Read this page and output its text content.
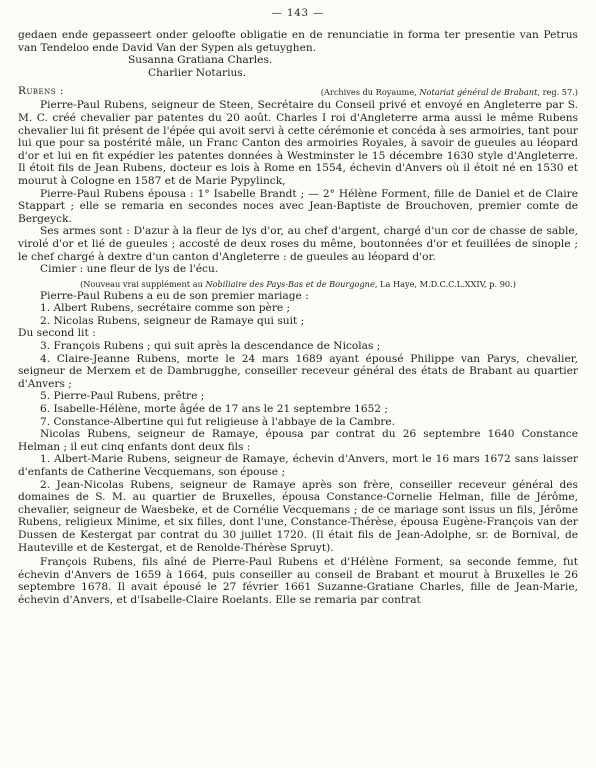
— 143 —

gedaen ende gepasseert onder geloofte obligatie en de renunciatie in forma ter presentie van Petrus van Tendeloo ende David Van der Sypen als getuyghen.

Susanna Gratiana Charles.

Charlier Notarius.

Rubens :	(Archives du Royaume, Notariat général de Brabant, reg. 57.)

Pierre-Paul Rubens, seigneur de Steen, Secrétaire du Conseil privé et envoyé en Angleterre par S. M. C. créé chevalier par patentes du 20 août. Charles I roi d'Angleterre arma aussi le même Rubens chevalier lui fit présent de l'épée qui avoit servi à cette cérémonie et concéda à ses armoiries, tant pour lui que pour sa postérité mâle, un Franc Canton des armoiries Royales, à savoir de gueules au léopard d'or et lui en fit expédier les patentes données à Westminster le 15 décembre 1630 style d'Angleterre. Il étoit fils de Jean Rubens, docteur es lois à Rome en 1554, échevin d'Anvers où il étoit né en 1530 et mourut à Cologne en 1587 et de Marie Pypylinck,

Pierre-Paul Rubens épousa : 1° Isabelle Brandt ; — 2° Hélène Forment, fille de Daniel et de Claire Stappart ; elle se remaria en secondes noces avec Jean-Baptiste de Brouchoven, premier comte de Bergeyck.

Ses armes sont : D'azur à la fleur de lys d'or, au chef d'argent, chargé d'un cor de chasse de sable, virolé d'or et lié de gueules ; accosté de deux roses du même, boutonnées d'or et feuillées de sinople ; le chef chargé à dextre d'un canton d'Angleterre : de gueules au léopard d'or.

Cimier : une fleur de lys de l'écu.

(Nouveau vrai supplément au Nobiliaire des Pays-Bas et de Bourgogne, La Haye, M.D.C.C.L.XXIV, p. 90.)

Pierre-Paul Rubens a eu de son premier mariage :

1. Albert Rubens, secrétaire comme son père ;

2. Nicolas Rubens, seigneur de Ramaye qui suit ;

Du second lit :

3. François Rubens ; qui suit après la descendance de Nicolas ;

4. Claire-Jeanne Rubens, morte le 24 mars 1689 ayant épousé Philippe van Parys, chevalier, seigneur de Merxem et de Dambrugghe, conseiller receveur général des états de Brabant au quartier d'Anvers ;

5. Pierre-Paul Rubens, prêtre ;

6. Isabelle-Hélène, morte âgée de 17 ans le 21 septembre 1652 ;

7. Constance-Albertine qui fut religieuse à l'abbaye de la Cambre.

Nicolas Rubens, seigneur de Ramaye, épousa par contrat du 26 septembre 1640 Constance Helman ; il eut cinq enfants dont deux fils :

1. Albert-Marie Rubens, seigneur de Ramaye, échevin d'Anvers, mort le 16 mars 1672 sans laisser d'enfants de Catherine Vecquemans, son épouse ;

2. Jean-Nicolas Rubens, seigneur de Ramaye après son frère, conseiller receveur général des domaines de S. M. au quartier de Bruxelles, épousa Constance-Cornelie Helman, fille de Jérôme, chevalier, seigneur de Waesbeke, et de Cornélie Vecquemans ; de ce mariage sont issus un fils, Jérôme Rubens, religieux Minime, et six filles, dont l'une, Constance-Thérèse, épousa Eugène-François van der Dussen de Kestergat par contrat du 30 juillet 1720. (Il était fils de Jean-Adolphe, sr. de Bornival, de Hauteville et de Kestergat, et de Renolde-Thérèse Spruyt).

François Rubens, fils aîné de Pierre-Paul Rubens et d'Hélène Forment, sa seconde femme, fut échevin d'Anvers de 1659 à 1664, puis conseiller au conseil de Brabant et mourut à Bruxelles le 26 septembre 1678. Il avait épousé le 27 février 1661 Suzanne-Gratiane Charles, fille de Jean-Marie, échevin d'Anvers, et d'Isabelle-Claire Roelants. Elle se remaria par contrat
